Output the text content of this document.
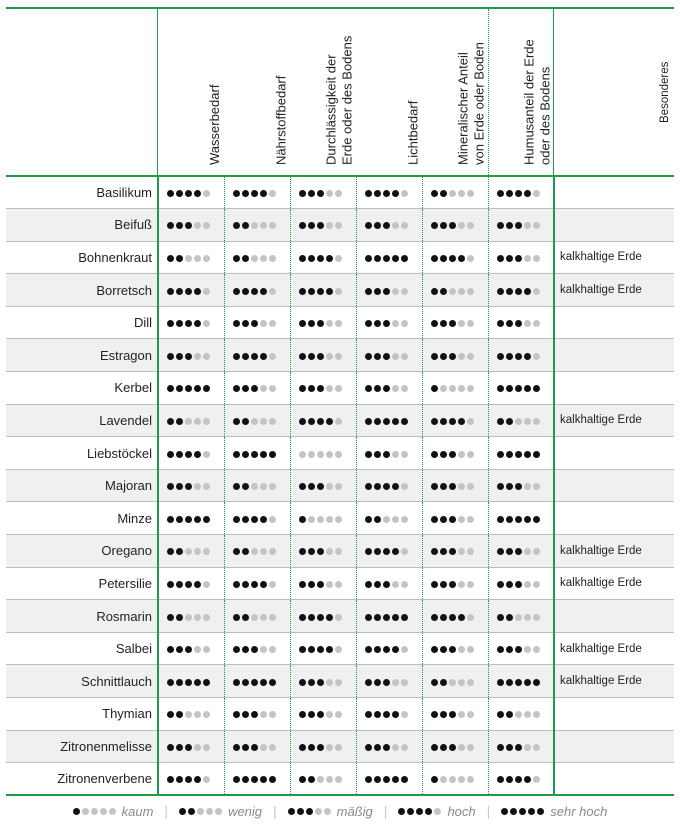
	Wasserbedarf	Nährstoffbedarf	Durchlässigkeit der Erde oder des Bodens	Lichtbedarf	Mineralischer Anteil von Erde oder Boden	Humusanteil der Erde oder des Bodens	Besonderes

Basilikum	

Beifuß	

Bohnenkraut							kalkhaltige Erde
Borretsch							kalkhaltige Erde
Dill	

Estragon	

Kerbel	

Lavendel							kalkhaltige Erde
Liebstöckel	

Majoran	

Minze	

Oregano							kalkhaltige Erde
Petersilie							kalkhaltige Erde
Rosmarin	

Salbei							kalkhaltige Erde
Schnittlauch							kalkhaltige Erde
Thymian	

Zitronenmelisse	

Zitronenverbene	

kaum |	wenig |	mäßig |	hoch |	sehr hoch
